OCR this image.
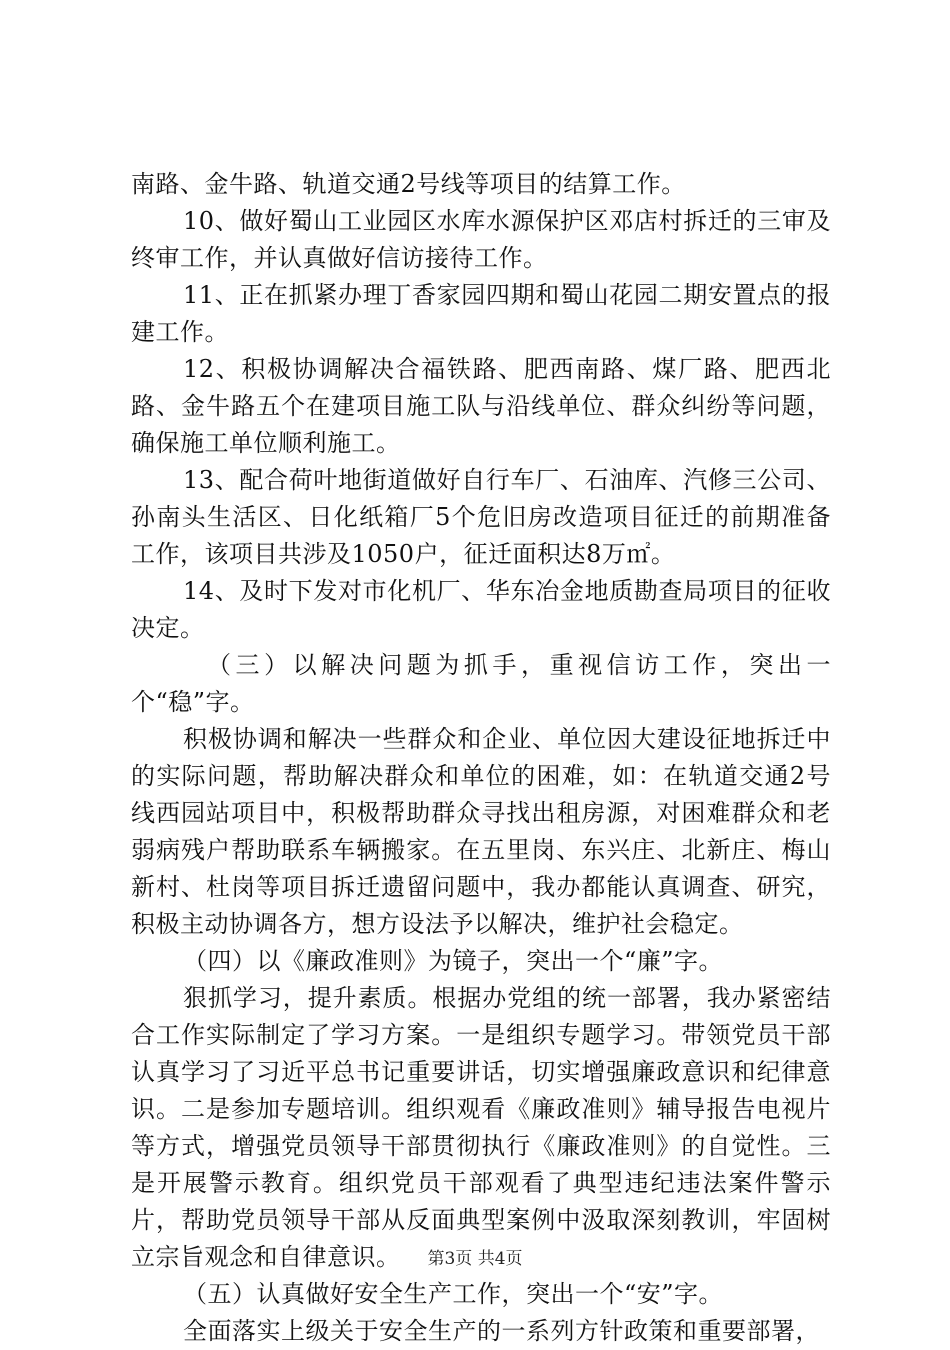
南路、金牛路、轨道交通2号线等项目的结算工作。

10、做好蜀山工业园区水库水源保护区邓店村拆迁的三审及终审工作，并认真做好信访接待工作。

11、正在抓紧办理丁香家园四期和蜀山花园二期安置点的报建工作。

12、积极协调解决合福铁路、肥西南路、煤厂路、肥西北路、金牛路五个在建项目施工队与沿线单位、群众纠纷等问题，确保施工单位顺利施工。

13、配合荷叶地街道做好自行车厂、石油库、汽修三公司、孙南头生活区、日化纸箱厂5个危旧房改造项目征迁的前期准备工作，该项目共涉及1050户，征迁面积达8万㎡。

14、及时下发对市化机厂、华东冶金地质勘查局项目的征收决定。

（三）以解决问题为抓手，重视信访工作，突出一个“稳”字。

积极协调和解决一些群众和企业、单位因大建设征地拆迁中的实际问题，帮助解决群众和单位的困难，如：在轨道交通2号线西园站项目中，积极帮助群众寻找出租房源，对困难群众和老弱病残户帮助联系车辆搬家。在五里岗、东兴庄、北新庄、梅山新村、杜岗等项目拆迁遗留问题中，我办都能认真调查、研究，积极主动协调各方，想方设法予以解决，维护社会稳定。

（四）以《廉政准则》为镜子，突出一个“廉”字。

狠抓学习，提升素质。根据办党组的统一部署，我办紧密结合工作实际制定了学习方案。一是组织专题学习。带领党员干部认真学习了习近平总书记重要讲话，切实增强廉政意识和纪律意识。二是参加专题培训。组织观看《廉政准则》辅导报告电视片等方式，增强党员领导干部贯彻执行《廉政准则》的自觉性。三是开展警示教育。组织党员干部观看了典型违纪违法案件警示片，帮助党员领导干部从反面典型案例中汲取深刻教训，牢固树立宗旨观念和自律意识。

（五）认真做好安全生产工作，突出一个“安”字。

全面落实上级关于安全生产的一系列方针政策和重要部署，

第3页 共4页
